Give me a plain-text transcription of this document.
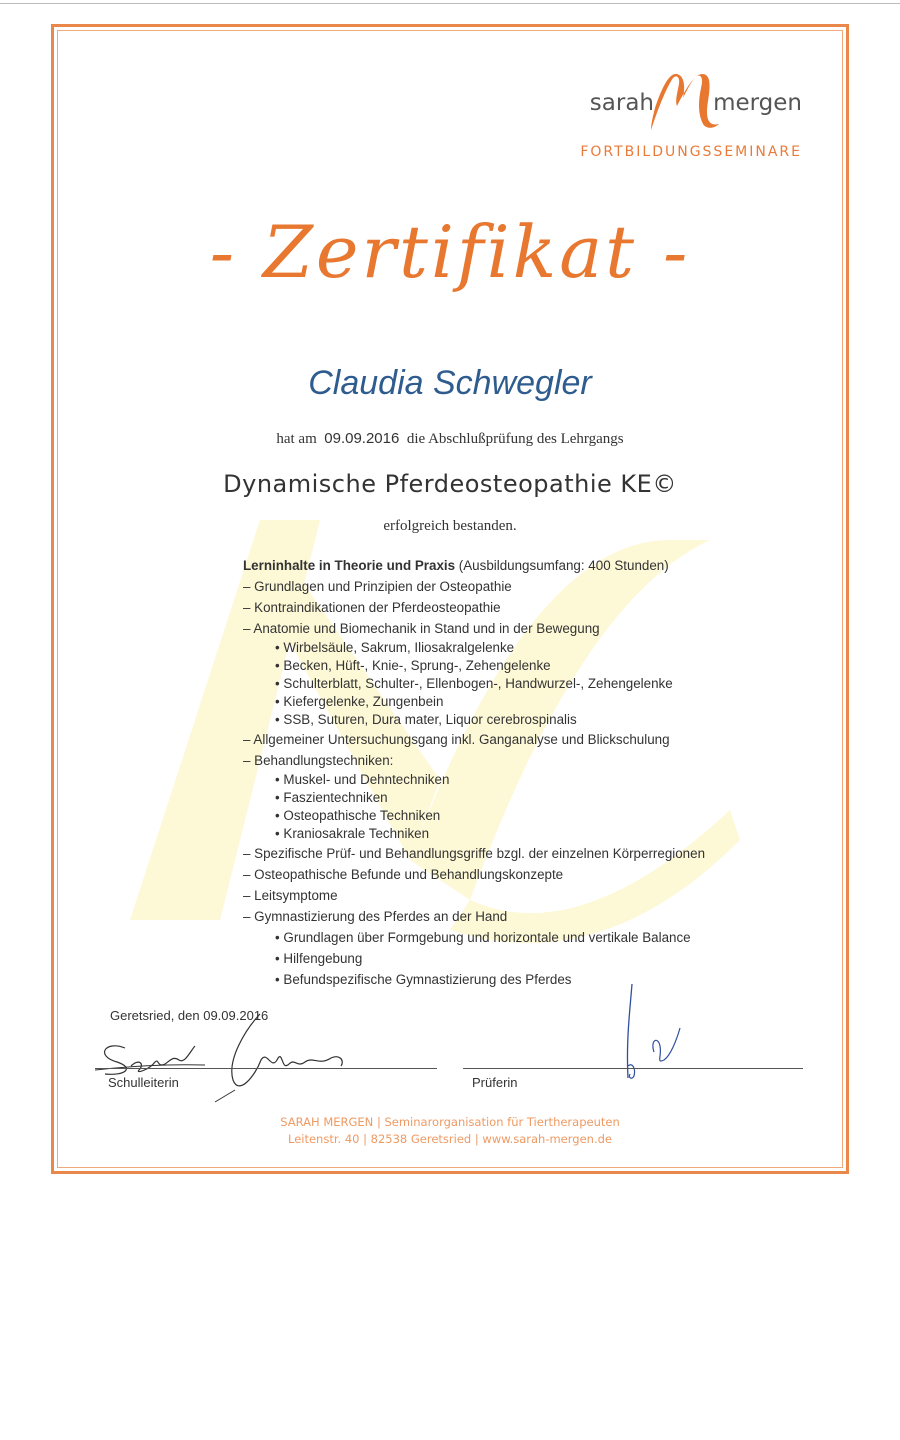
sarah	mergen
FORTBILDUNGSSEMINARE
- Zertifikat -
Claudia Schwegler
hat am 09.09.2016 die Abschlußprüfung des Lehrgangs
Dynamische Pferdeosteopathie KE©
erfolgreich bestanden.
Lerninhalte in Theorie und Praxis (Ausbildungsumfang: 400 Stunden)
– Grundlagen und Prinzipien der Osteopathie
– Kontraindikationen der Pferdeosteopathie
– Anatomie und Biomechanik in Stand und in der Bewegung
• Wirbelsäule, Sakrum, Iliosakralgelenke
• Becken, Hüft-, Knie-, Sprung-, Zehengelenke
• Schulterblatt, Schulter-, Ellenbogen-, Handwurzel-, Zehengelenke
• Kiefergelenke, Zungenbein
• SSB, Suturen, Dura mater, Liquor cerebrospinalis
– Allgemeiner Untersuchungsgang inkl. Ganganalyse und Blickschulung
– Behandlungstechniken:
• Muskel- und Dehntechniken
• Faszientechniken
• Osteopathische Techniken
• Kraniosakrale Techniken
– Spezifische Prüf- und Behandlungsgriffe bzgl. der einzelnen Körperregionen
– Osteopathische Befunde und Behandlungskonzepte
– Leitsymptome
– Gymnastizierung des Pferdes an der Hand
• Grundlagen über Formgebung und horizontale und vertikale Balance
• Hilfengebung
• Befundspezifische Gymnastizierung des Pferdes
Geretsried, den 09.09.2016
Schulleiterin	Prüferin
SARAH MERGEN | Seminarorganisation für Tiertherapeuten
Leitenstr. 40 | 82538 Geretsried | www.sarah-mergen.de
